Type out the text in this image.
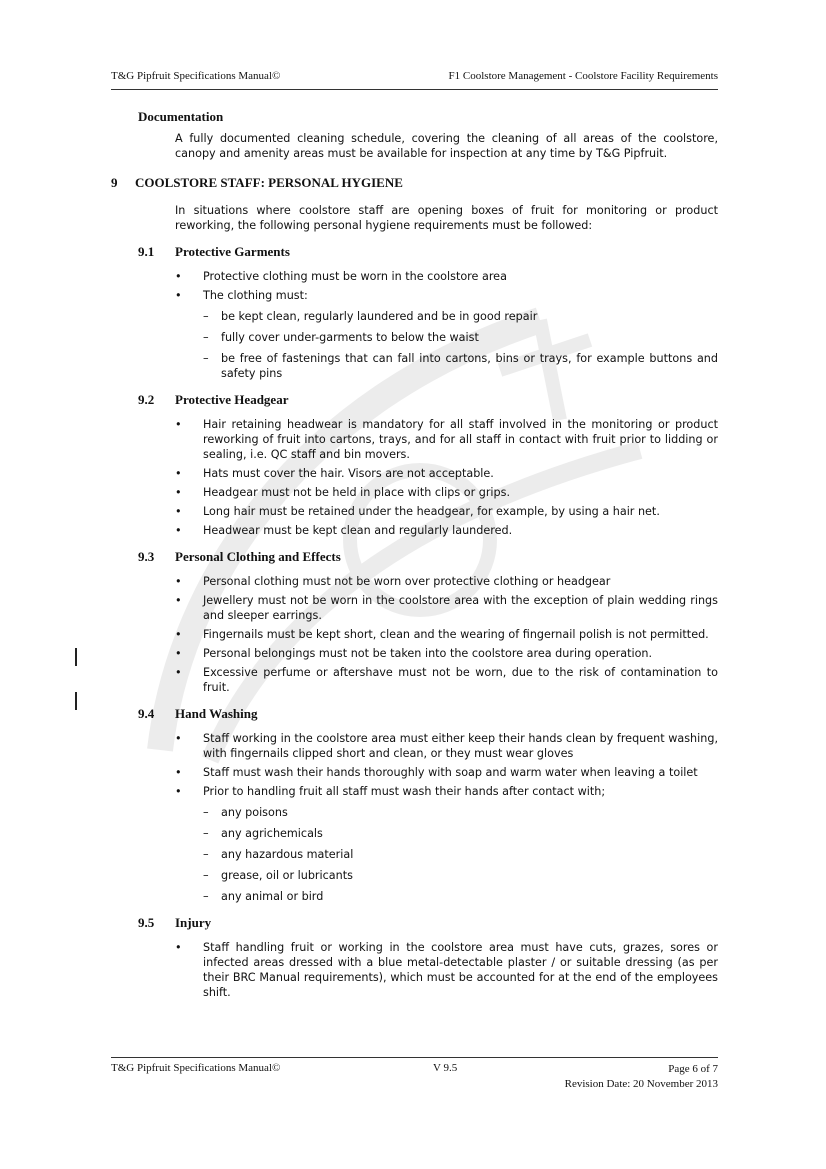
T&G Pipfruit Specifications Manual©	F1 Coolstore Management - Coolstore Facility Requirements
Documentation
A fully documented cleaning schedule, covering the cleaning of all areas of the coolstore, canopy and amenity areas must be available for inspection at any time by T&G Pipfruit.
9	COOLSTORE STAFF: PERSONAL HYGIENE
In situations where coolstore staff are opening boxes of fruit for monitoring or product reworking, the following personal hygiene requirements must be followed:
9.1	Protective Garments
• Protective clothing must be worn in the coolstore area
• The clothing must:
– be kept clean, regularly laundered and be in good repair
– fully cover under-garments to below the waist
– be free of fastenings that can fall into cartons, bins or trays, for example buttons and safety pins
9.2	Protective Headgear
• Hair retaining headwear is mandatory for all staff involved in the monitoring or product reworking of fruit into cartons, trays, and for all staff in contact with fruit prior to lidding or sealing, i.e. QC staff and bin movers.
• Hats must cover the hair. Visors are not acceptable.
• Headgear must not be held in place with clips or grips.
• Long hair must be retained under the headgear, for example, by using a hair net.
• Headwear must be kept clean and regularly laundered.
9.3	Personal Clothing and Effects
• Personal clothing must not be worn over protective clothing or headgear
• Jewellery must not be worn in the coolstore area with the exception of plain wedding rings and sleeper earrings.
• Fingernails must be kept short, clean and the wearing of fingernail polish is not permitted.
• Personal belongings must not be taken into the coolstore area during operation.
• Excessive perfume or aftershave must not be worn, due to the risk of contamination to fruit.
9.4	Hand Washing
• Staff working in the coolstore area must either keep their hands clean by frequent washing, with fingernails clipped short and clean, or they must wear gloves
• Staff must wash their hands thoroughly with soap and warm water when leaving a toilet
• Prior to handling fruit all staff must wash their hands after contact with;
– any poisons
– any agrichemicals
– any hazardous material
– grease, oil or lubricants
– any animal or bird
9.5	Injury
• Staff handling fruit or working in the coolstore area must have cuts, grazes, sores or infected areas dressed with a blue metal-detectable plaster / or suitable dressing (as per their BRC Manual requirements), which must be accounted for at the end of the employees shift.
T&G Pipfruit Specifications Manual©	V 9.5	Page 6 of 7
Revision Date: 20 November 2013
